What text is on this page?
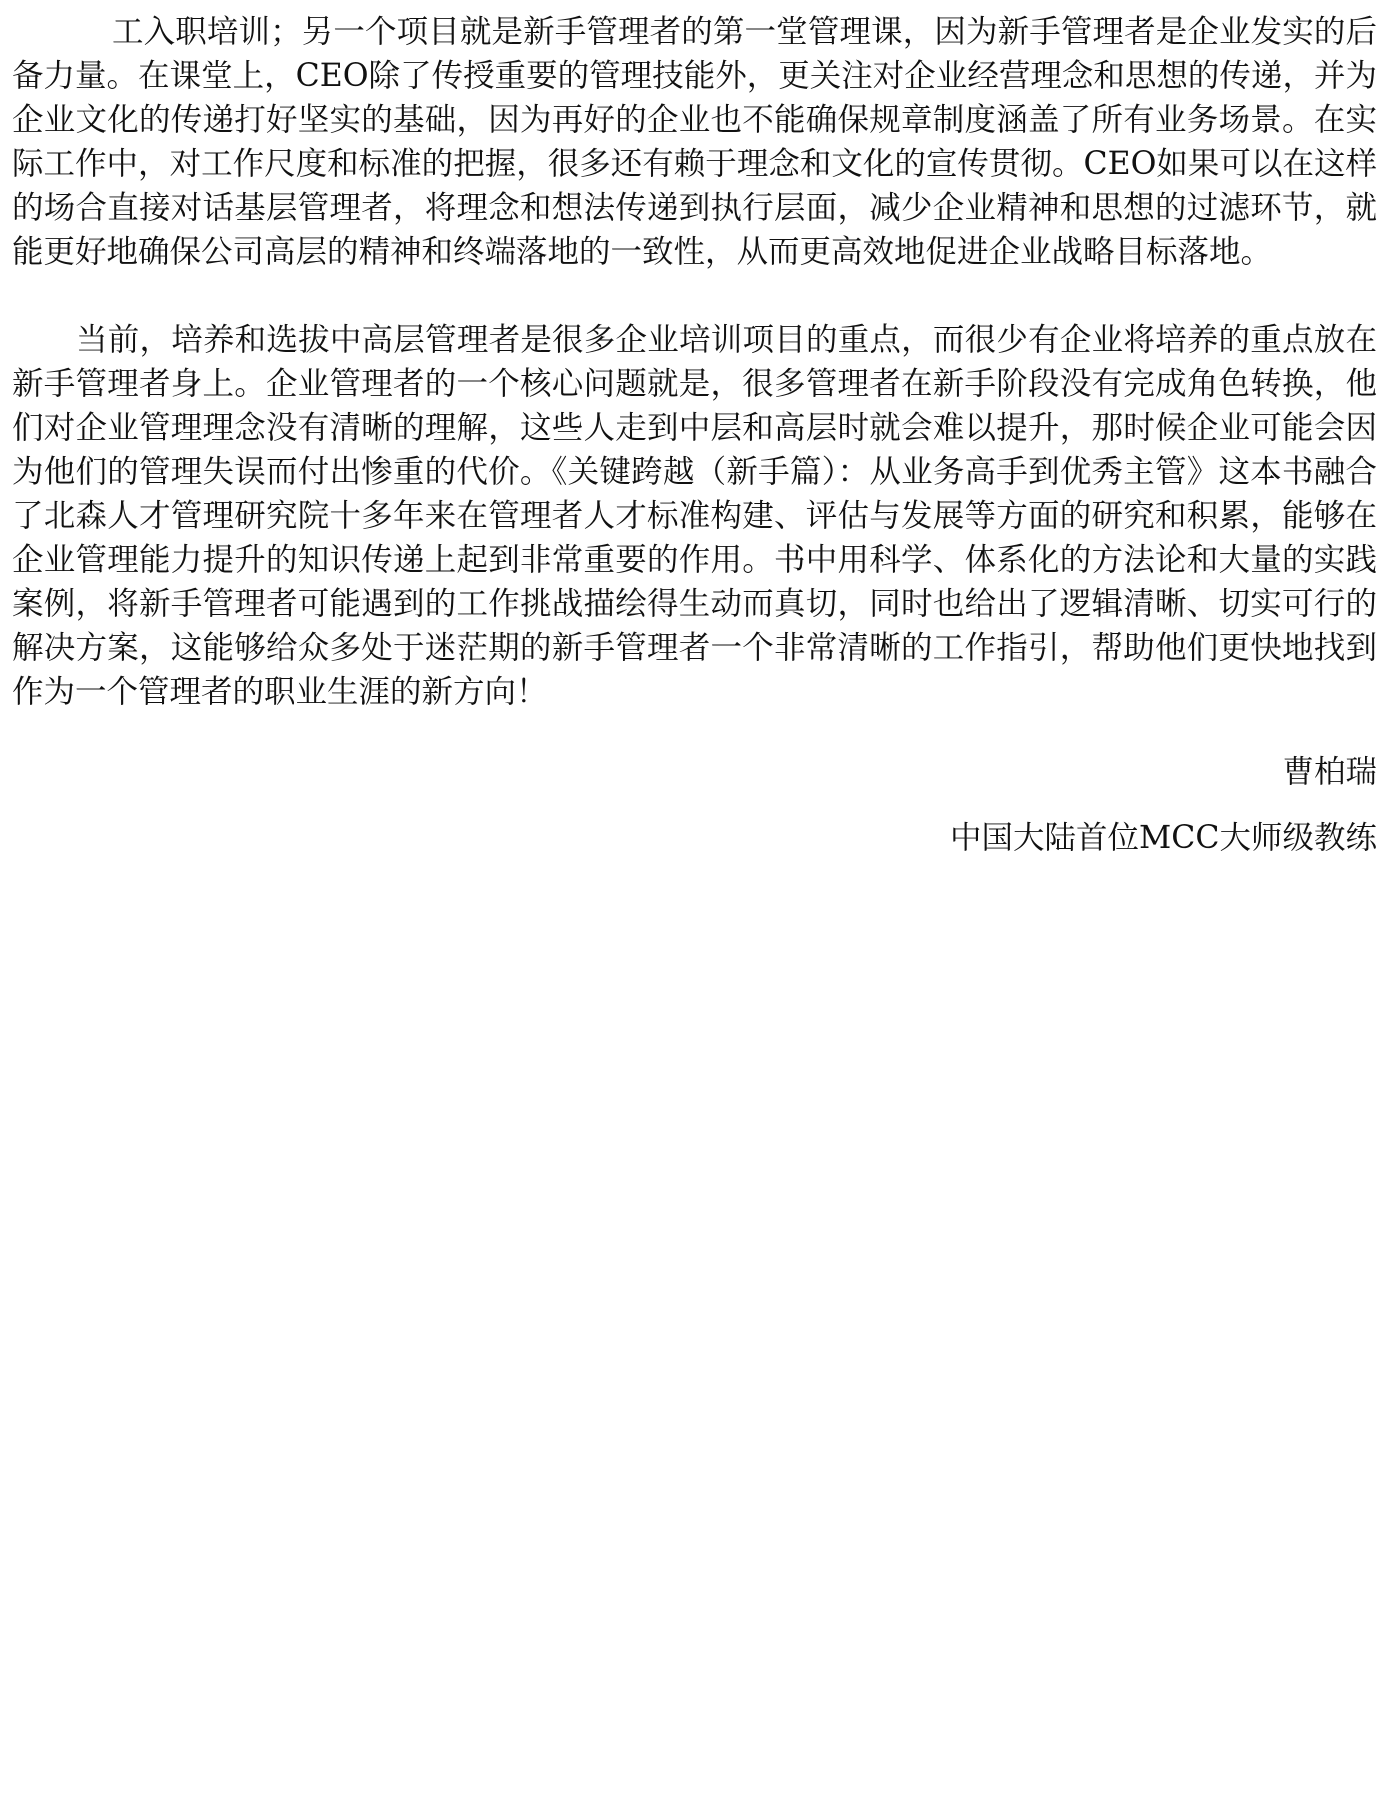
工入职培训；另一个项目就是新手管理者的第一堂管理课，因为新手管理者是企业发实的后备力量。在课堂上，CEO除了传授重要的管理技能外，更关注对企业经营理念和思想的传递，并为企业文化的传递打好坚实的基础，因为再好的企业也不能确保规章制度涵盖了所有业务场景。在实际工作中，对工作尺度和标准的把握，很多还有赖于理念和文化的宣传贯彻。CEO如果可以在这样的场合直接对话基层管理者，将理念和想法传递到执行层面，减少企业精神和思想的过滤环节，就能更好地确保公司高层的精神和终端落地的一致性，从而更高效地促进企业战略目标落地。

当前，培养和选拔中高层管理者是很多企业培训项目的重点，而很少有企业将培养的重点放在新手管理者身上。企业管理者的一个核心问题就是，很多管理者在新手阶段没有完成角色转换，他们对企业管理理念没有清晰的理解，这些人走到中层和高层时就会难以提升，那时候企业可能会因为他们的管理失误而付出惨重的代价。《关键跨越（新手篇）：从业务高手到优秀主管》这本书融合了北森人才管理研究院十多年来在管理者人才标准构建、评估与发展等方面的研究和积累，能够在企业管理能力提升的知识传递上起到非常重要的作用。书中用科学、体系化的方法论和大量的实践案例，将新手管理者可能遇到的工作挑战描绘得生动而真切，同时也给出了逻辑清晰、切实可行的解决方案，这能够给众多处于迷茫期的新手管理者一个非常清晰的工作指引，帮助他们更快地找到作为一个管理者的职业生涯的新方向！

曹柏瑞

中国大陆首位MCC大师级教练
